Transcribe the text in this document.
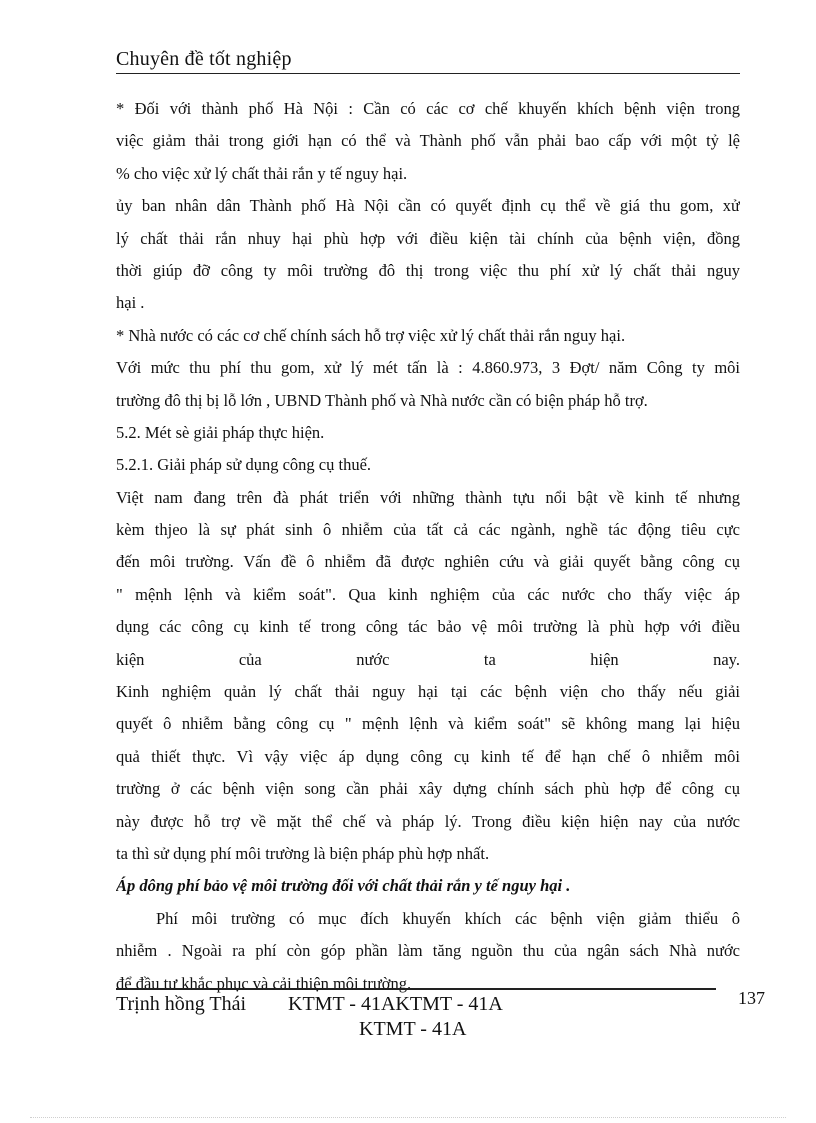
Chuyên đề tốt nghiệp
* Đối với thành phố Hà Nội : Cần có các cơ chế khuyến khích bệnh viện trong
việc giảm thải trong giới hạn có thể và Thành phố vẫn phải bao cấp với một tỷ lệ
% cho việc xử lý chất thải rắn y tế nguy hại.
ủy ban nhân dân Thành phố Hà Nội cần có quyết định cụ thể về giá thu gom, xử
lý chất thải rắn nhuy hại phù hợp với điều kiện tài chính của bệnh viện, đồng
thời giúp đỡ công ty môi trường đô thị trong việc thu phí xử lý chất thải nguy
hại .
* Nhà nước có các cơ chế chính sách hỗ trợ việc xử lý chất thải rắn nguy hại.
Với mức thu phí thu gom, xử lý mét tấn là : 4.860.973, 3 Đợt/ năm Công ty môi
trường đô thị bị lỗ lớn , UBND Thành phố và Nhà nước cần có biện pháp hỗ trợ.
5.2. Mét sè giải pháp thực hiện.
5.2.1. Giải pháp sử dụng công cụ thuế.
Việt nam đang trên đà phát triển với những thành tựu nổi bật về kinh tế nhưng
kèm thjeo là sự phát sinh ô nhiễm của tất cả các ngành, nghề tác động tiêu cực
đến môi trường. Vấn đề ô nhiễm đã được nghiên cứu và giải quyết bằng công cụ
" mệnh lệnh và kiểm soát". Qua kinh nghiệm của các nước cho thấy việc áp
dụng các công cụ kinh tế trong công tác bảo vệ môi trường là phù hợp với điều
kiện của nước ta hiện nay.
Kinh nghiệm quản lý chất thải nguy hại tại các bệnh viện cho thấy nếu giải
quyết ô nhiễm bằng công cụ " mệnh lệnh và kiểm soát" sẽ không mang lại hiệu
quả thiết thực. Vì vậy việc áp dụng công cụ kinh tế để hạn chế ô nhiễm môi
trường ở các bệnh viện song cần phải xây dựng chính sách phù hợp để công cụ
này được hỗ trợ về mặt thể chế và pháp lý. Trong điều kiện hiện nay của nước
ta thì sử dụng phí môi trường là biện pháp phù hợp nhất.
Áp dông phí bảo vệ môi trường đối với chất thải rắn y tế nguy hại .
Phí môi trường có mục đích khuyến khích các bệnh viện giảm thiểu ô
nhiễm . Ngoài ra phí còn góp phần làm tăng nguồn thu của ngân sách Nhà nước
để đầu tư khắc phục và cải thiện môi trường.
Trịnh hồng Thái KTMT - 41AKTMT - 41A
KTMT - 41A
137
